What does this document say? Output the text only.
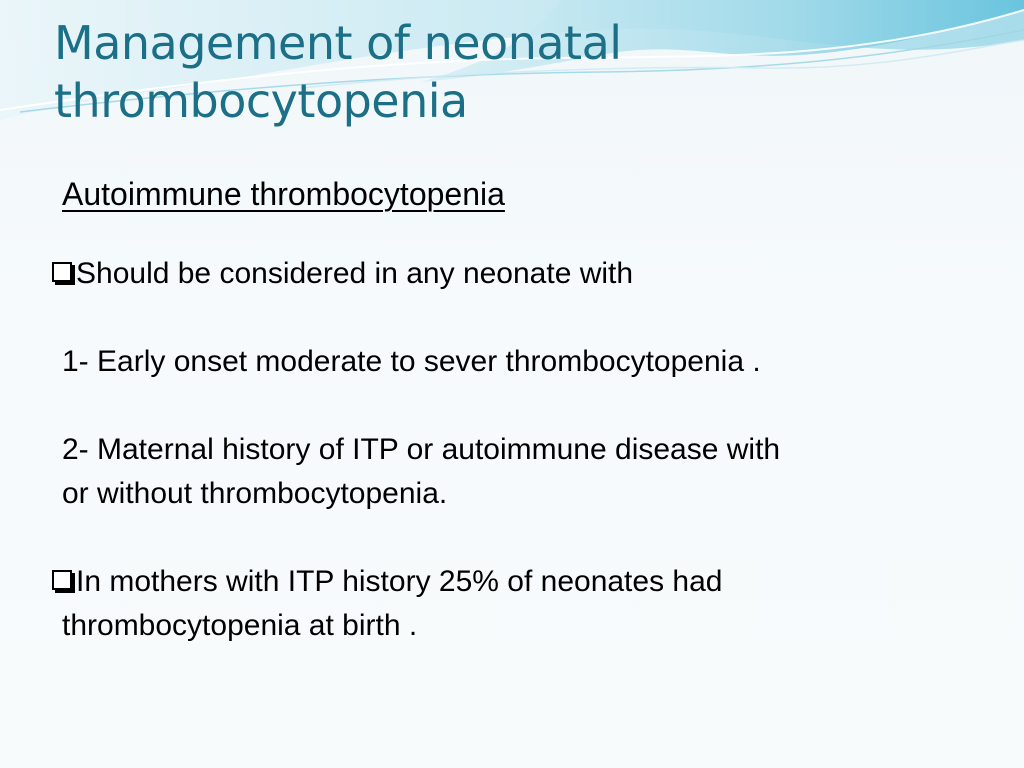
Management of neonatal
thrombocytopenia

Autoimmune thrombocytopenia

Should be considered in any neonate with

1- Early onset moderate to sever thrombocytopenia .

2- Maternal history of ITP or autoimmune disease with
or without thrombocytopenia.

In mothers with ITP history 25% of neonates had
thrombocytopenia at birth .
